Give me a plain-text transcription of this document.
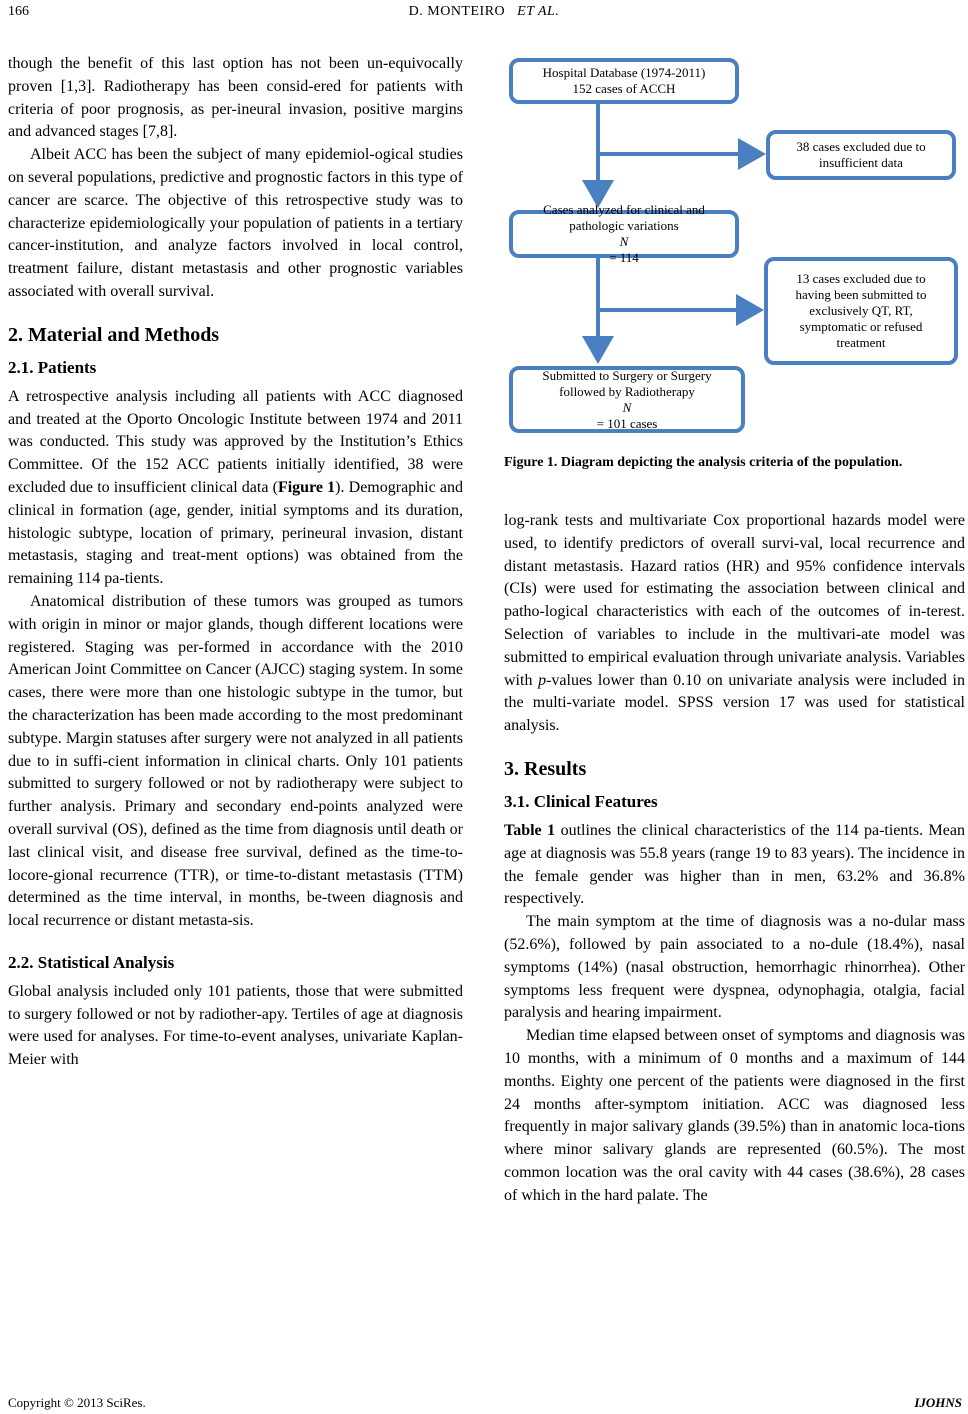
166	D. MONTEIRO ET AL.

though the benefit of this last option has not been un-equivocally proven [1,3]. Radiotherapy has been consid-ered for patients with criteria of poor prognosis, as per-ineural invasion, positive margins and advanced stages [7,8].

Albeit ACC has been the subject of many epidemiol-ogical studies on several populations, predictive and prognostic factors in this type of cancer are scarce. The objective of this retrospective study was to characterize epidemiologically your population of patients in a tertiary cancer-institution, and analyze factors involved in local control, treatment failure, distant metastasis and other prognostic variables associated with overall survival.

2. Material and Methods
2.1. Patients

A retrospective analysis including all patients with ACC diagnosed and treated at the Oporto Oncologic Institute between 1974 and 2011 was conducted. This study was approved by the Institution’s Ethics Committee. Of the 152 ACC patients initially identified, 38 were excluded due to insufficient clinical data (Figure 1). Demographic and clinical in formation (age, gender, initial symptoms and its duration, histologic subtype, location of primary, perineural invasion, distant metastasis, staging and treat-ment options) was obtained from the remaining 114 pa-tients.

Anatomical distribution of these tumors was grouped as tumors with origin in minor or major glands, though different locations were registered. Staging was per-formed in accordance with the 2010 American Joint Committee on Cancer (AJCC) staging system. In some cases, there were more than one histologic subtype in the tumor, but the characterization has been made according to the most predominant subtype. Margin statuses after surgery were not analyzed in all patients due to in suffi-cient information in clinical charts. Only 101 patients submitted to surgery followed or not by radiotherapy were subject to further analysis. Primary and secondary end-points analyzed were overall survival (OS), defined as the time from diagnosis until death or last clinical visit, and disease free survival, defined as the time-to-locore-gional recurrence (TTR), or time-to-distant metastasis (TTM) determined as the time interval, in months, be-tween diagnosis and local recurrence or distant metasta-sis.

2.2. Statistical Analysis

Global analysis included only 101 patients, those that were submitted to surgery followed or not by radiother-apy. Tertiles of age at diagnosis were used for analyses. For time-to-event analyses, univariate Kaplan-Meier with

Hospital Database (1974-2011)
152 cases of ACCH
38 cases excluded due to
insufficient data
Cases analyzed for clinical and
pathologic variations
N
= 114
13 cases excluded due to
having been submitted to
exclusively QT, RT,
symptomatic or refused
treatment
Submitted to Surgery or Surgery
followed by Radiotherapy
N
= 101 cases

Figure 1. Diagram depicting the analysis criteria of the population.

log-rank tests and multivariate Cox proportional hazards model were used, to identify predictors of overall survi-val, local recurrence and distant metastasis. Hazard ratios (HR) and 95% confidence intervals (CIs) were used for estimating the association between clinical and patho-logical characteristics with each of the outcomes of in-terest. Selection of variables to include in the multivari-ate model was submitted to empirical evaluation through univariate analysis. Variables with p-values lower than 0.10 on univariate analysis were included in the multi-variate model. SPSS version 17 was used for statistical analysis.

3. Results
3.1. Clinical Features

Table 1 outlines the clinical characteristics of the 114 pa-tients. Mean age at diagnosis was 55.8 years (range 19 to 83 years). The incidence in the female gender was higher than in men, 63.2% and 36.8% respectively.

The main symptom at the time of diagnosis was a no-dular mass (52.6%), followed by pain associated to a no-dule (18.4%), nasal symptoms (14%) (nasal obstruction, hemorrhagic rhinorrhea). Other symptoms less frequent were dyspnea, odynophagia, otalgia, facial paralysis and hearing impairment.

Median time elapsed between onset of symptoms and diagnosis was 10 months, with a minimum of 0 months and a maximum of 144 months. Eighty one percent of the patients were diagnosed in the first 24 months after-symptom initiation. ACC was diagnosed less frequently in major salivary glands (39.5%) than in anatomic loca-tions where minor salivary glands are represented (60.5%). The most common location was the oral cavity with 44 cases (38.6%), 28 cases of which in the hard palate. The

Copyright © 2013 SciRes.	IJOHNS
